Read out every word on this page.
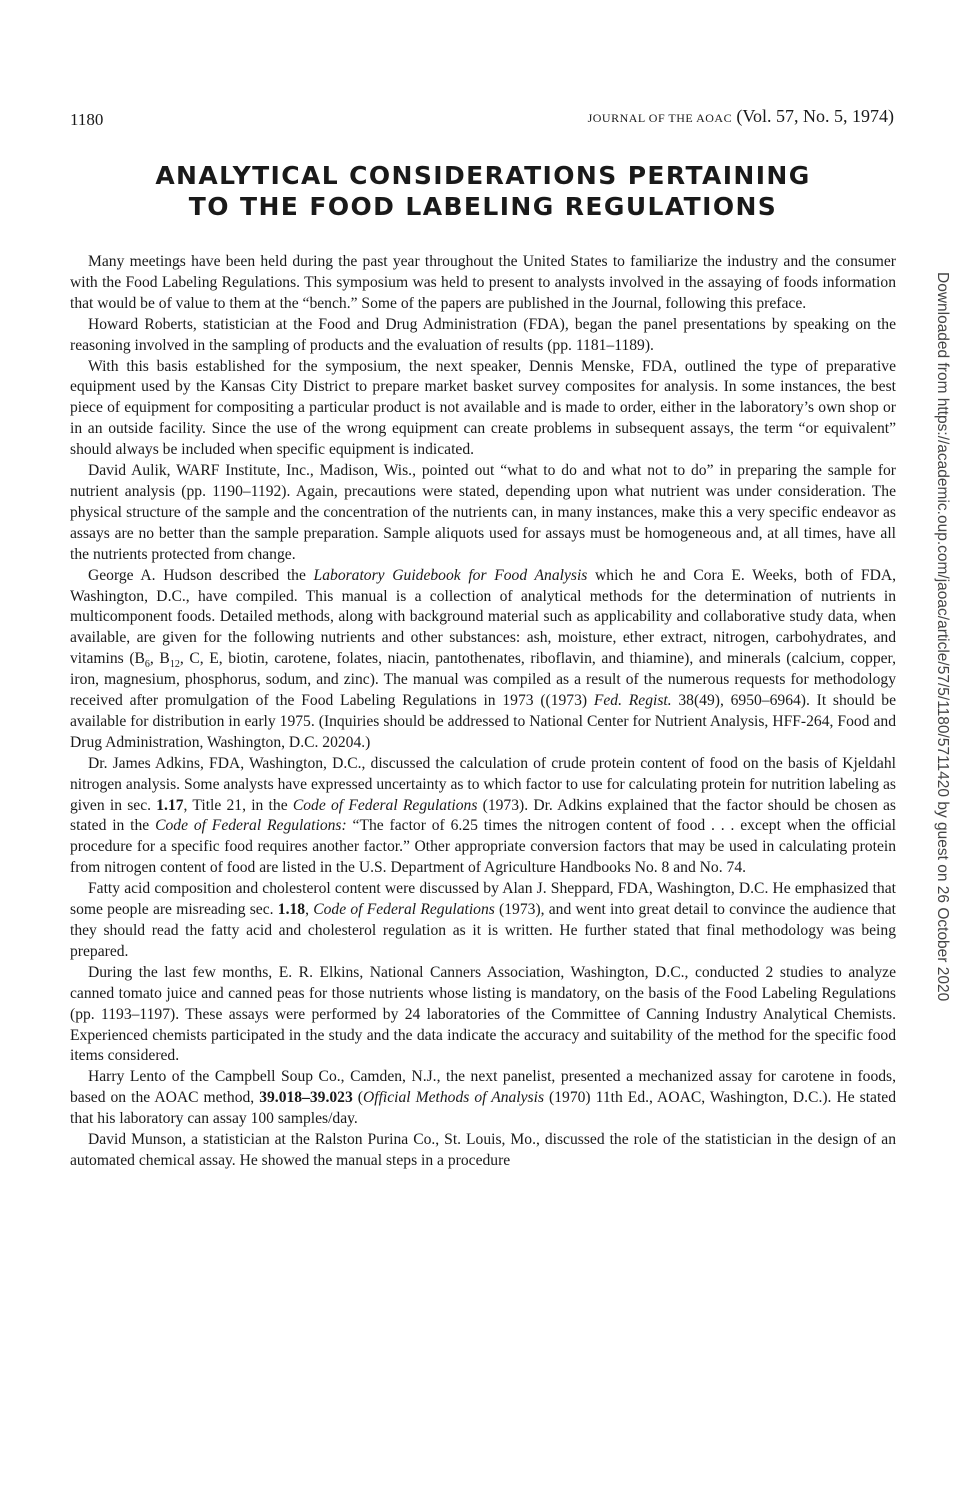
1180	JOURNAL OF THE AOAC (Vol. 57, No. 5, 1974)
ANALYTICAL CONSIDERATIONS PERTAINING
TO THE FOOD LABELING REGULATIONS

Many meetings have been held during the past year throughout the United States to familiarize the industry and the consumer with the Food Labeling Regulations. This symposium was held to present to analysts involved in the assaying of foods information that would be of value to them at the “bench.” Some of the papers are published in the Journal, following this preface.

Howard Roberts, statistician at the Food and Drug Administration (FDA), began the panel presentations by speaking on the reasoning involved in the sampling of products and the evaluation of results (pp. 1181–1189).

With this basis established for the symposium, the next speaker, Dennis Menske, FDA, outlined the type of preparative equipment used by the Kansas City District to prepare market basket survey composites for analysis. In some instances, the best piece of equipment for compositing a particular product is not available and is made to order, either in the laboratory’s own shop or in an outside facility. Since the use of the wrong equipment can create problems in subsequent assays, the term “or equivalent” should always be included when specific equipment is indicated.

David Aulik, WARF Institute, Inc., Madison, Wis., pointed out “what to do and what not to do” in preparing the sample for nutrient analysis (pp. 1190–1192). Again, precautions were stated, depending upon what nutrient was under consideration. The physical structure of the sample and the concentration of the nutrients can, in many instances, make this a very specific endeavor as assays are no better than the sample preparation. Sample aliquots used for assays must be homogeneous and, at all times, have all the nutrients protected from change.

George A. Hudson described the Laboratory Guidebook for Food Analysis which he and Cora E. Weeks, both of FDA, Washington, D.C., have compiled. This manual is a collection of analytical methods for the determination of nutrients in multicomponent foods. Detailed methods, along with background material such as applicability and collaborative study data, when available, are given for the following nutrients and other substances: ash, moisture, ether extract, nitrogen, carbohydrates, and vitamins ($B_6$, $B_{12}$, C, E, biotin, carotene, folates, niacin, pantothenates, riboflavin, and thiamine), and minerals (calcium, copper, iron, magnesium, phosphorus, sodum, and zinc). The manual was compiled as a result of the numerous requests for methodology received after promulgation of the Food Labeling Regulations in 1973 ((1973) Fed. Regist. 38(49), 6950–6964). It should be available for distribution in early 1975. (Inquiries should be addressed to National Center for Nutrient Analysis, HFF-264, Food and Drug Administration, Washington, D.C. 20204.)

Dr. James Adkins, FDA, Washington, D.C., discussed the calculation of crude protein content of food on the basis of Kjeldahl nitrogen analysis. Some analysts have expressed uncertainty as to which factor to use for calculating protein for nutrition labeling as given in sec. 1.17, Title 21, in the Code of Federal Regulations (1973). Dr. Adkins explained that the factor should be chosen as stated in the Code of Federal Regulations: “The factor of 6.25 times the nitrogen content of food . . . except when the official procedure for a specific food requires another factor.” Other appropriate conversion factors that may be used in calculating protein from nitrogen content of food are listed in the U.S. Department of Agriculture Handbooks No. 8 and No. 74.

Fatty acid composition and cholesterol content were discussed by Alan J. Sheppard, FDA, Washington, D.C. He emphasized that some people are misreading sec. 1.18, Code of Federal Regulations (1973), and went into great detail to convince the audience that they should read the fatty acid and cholesterol regulation as it is written. He further stated that final methodology was being prepared.

During the last few months, E. R. Elkins, National Canners Association, Washington, D.C., conducted 2 studies to analyze canned tomato juice and canned peas for those nutrients whose listing is mandatory, on the basis of the Food Labeling Regulations (pp. 1193–1197). These assays were performed by 24 laboratories of the Committee of Canning Industry Analytical Chemists. Experienced chemists participated in the study and the data indicate the accuracy and suitability of the method for the specific food items considered.

Harry Lento of the Campbell Soup Co., Camden, N.J., the next panelist, presented a mechanized assay for carotene in foods, based on the AOAC method, 39.018–39.023 (Official Methods of Analysis (1970) 11th Ed., AOAC, Washington, D.C.). He stated that his laboratory can assay 100 samples/day.

David Munson, a statistician at the Ralston Purina Co., St. Louis, Mo., discussed the role of the statistician in the design of an automated chemical assay. He showed the manual steps in a procedure

Downloaded from https://academic.oup.com/jaoac/article/57/5/1180/5711420 by guest on 26 October 2020
